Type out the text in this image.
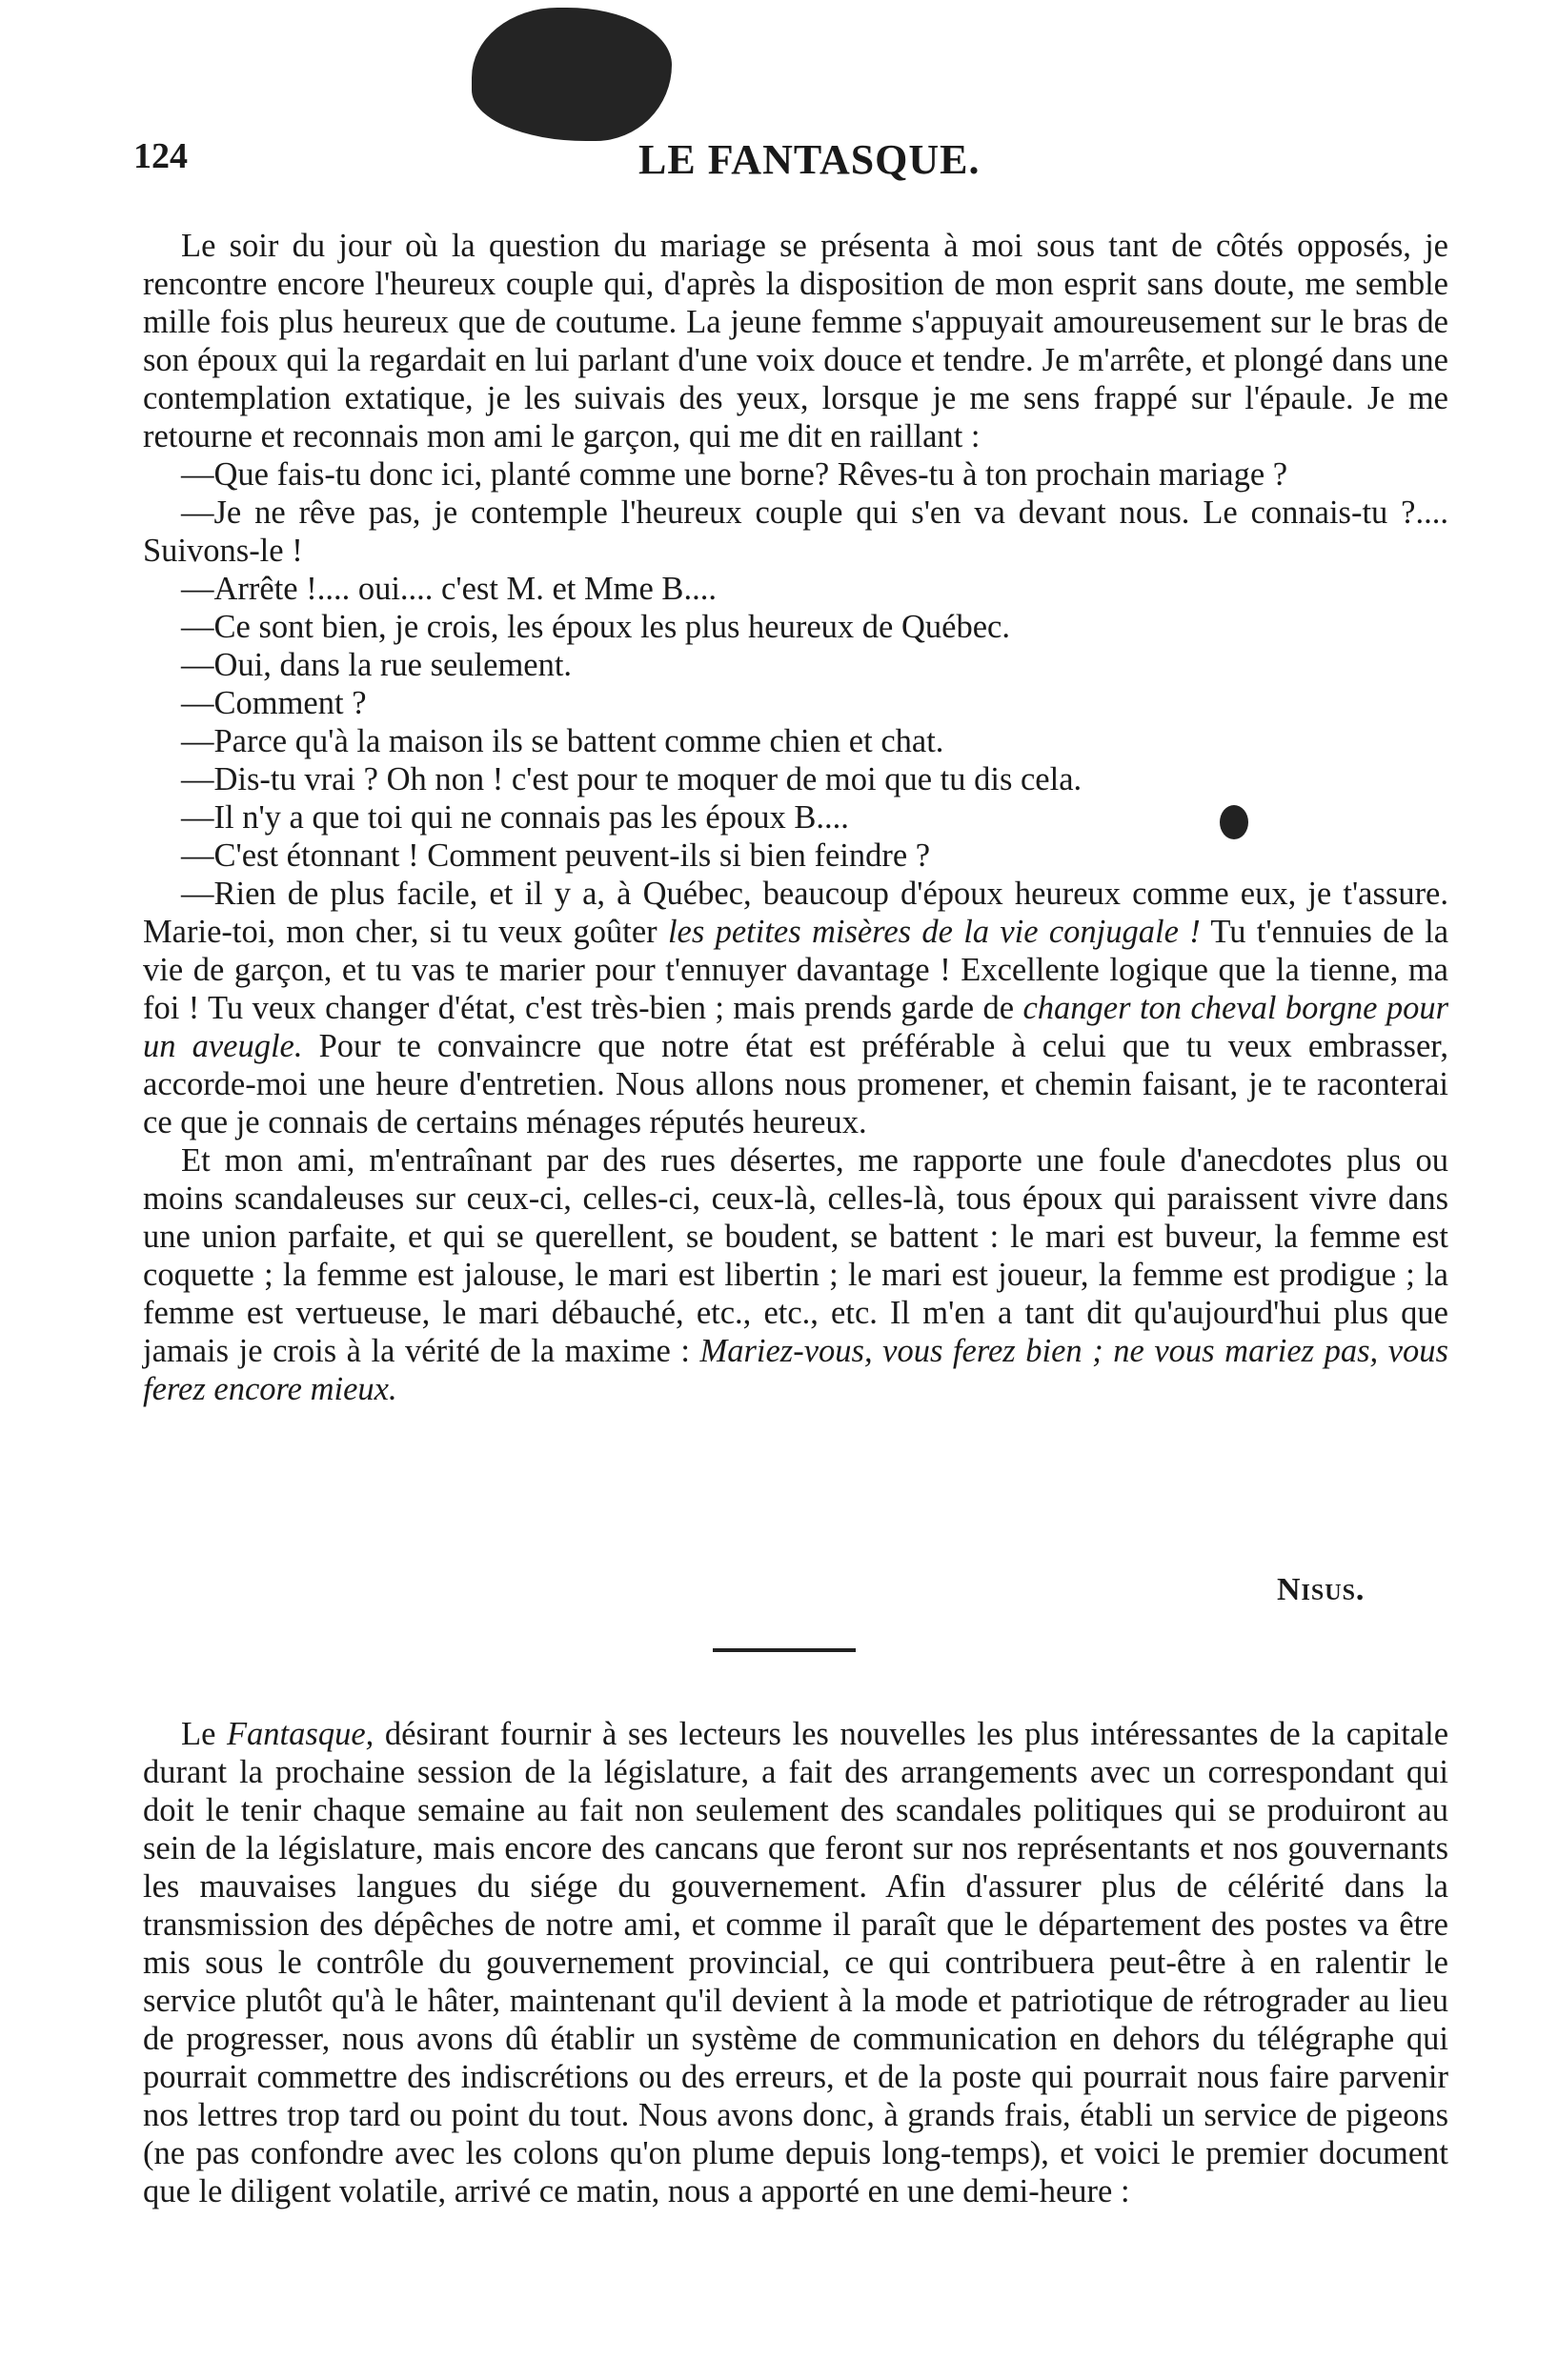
124	LE FANTASQUE.

Le soir du jour où la question du mariage se présenta à moi sous tant de côtés opposés, je rencontre encore l'heureux couple qui, d'après la disposition de mon esprit sans doute, me semble mille fois plus heureux que de coutume. La jeune femme s'appuyait amoureusement sur le bras de son époux qui la regardait en lui parlant d'une voix douce et tendre. Je m'arrête, et plongé dans une contemplation extatique, je les suivais des yeux, lorsque je me sens frappé sur l'épaule. Je me retourne et reconnais mon ami le garçon, qui me dit en raillant :

—Que fais-tu donc ici, planté comme une borne? Rêves-tu à ton prochain mariage ?

—Je ne rêve pas, je contemple l'heureux couple qui s'en va devant nous. Le connais-tu ?.... Suivons-le !

—Arrête !.... oui.... c'est M. et Mme B....

—Ce sont bien, je crois, les époux les plus heureux de Québec.

—Oui, dans la rue seulement.

—Comment ?

—Parce qu'à la maison ils se battent comme chien et chat.

—Dis-tu vrai ? Oh non ! c'est pour te moquer de moi que tu dis cela.

—Il n'y a que toi qui ne connais pas les époux B....

—C'est étonnant ! Comment peuvent-ils si bien feindre ?

—Rien de plus facile, et il y a, à Québec, beaucoup d'époux heureux comme eux, je t'assure. Marie-toi, mon cher, si tu veux goûter les petites misères de la vie conjugale ! Tu t'ennuies de la vie de garçon, et tu vas te marier pour t'ennuyer davantage ! Excellente logique que la tienne, ma foi ! Tu veux changer d'état, c'est très-bien ; mais prends garde de changer ton cheval borgne pour un aveugle. Pour te convaincre que notre état est préférable à celui que tu veux embrasser, accorde-moi une heure d'entretien. Nous allons nous promener, et chemin faisant, je te raconterai ce que je connais de certains ménages réputés heureux.

Et mon ami, m'entraînant par des rues désertes, me rapporte une foule d'anecdotes plus ou moins scandaleuses sur ceux-ci, celles-ci, ceux-là, celles-là, tous époux qui paraissent vivre dans une union parfaite, et qui se querellent, se boudent, se battent : le mari est buveur, la femme est coquette ; la femme est jalouse, le mari est libertin ; le mari est joueur, la femme est prodigue ; la femme est vertueuse, le mari débauché, etc., etc., etc. Il m'en a tant dit qu'aujourd'hui plus que jamais je crois à la vérité de la maxime : Mariez-vous, vous ferez bien ; ne vous mariez pas, vous ferez encore mieux.

Nisus.

Le Fantasque, désirant fournir à ses lecteurs les nouvelles les plus intéressantes de la capitale durant la prochaine session de la législature, a fait des arrangements avec un correspondant qui doit le tenir chaque semaine au fait non seulement des scandales politiques qui se produiront au sein de la législature, mais encore des cancans que feront sur nos représentants et nos gouvernants les mauvaises langues du siége du gouvernement. Afin d'assurer plus de célérité dans la transmission des dépêches de notre ami, et comme il paraît que le département des postes va être mis sous le contrôle du gouvernement provincial, ce qui contribuera peut-être à en ralentir le service plutôt qu'à le hâter, maintenant qu'il devient à la mode et patriotique de rétrograder au lieu de progresser, nous avons dû établir un système de communication en dehors du télégraphe qui pourrait commettre des indiscrétions ou des erreurs, et de la poste qui pourrait nous faire parvenir nos lettres trop tard ou point du tout. Nous avons donc, à grands frais, établi un service de pigeons (ne pas confondre avec les colons qu'on plume depuis long-temps), et voici le premier document que le diligent volatile, arrivé ce matin, nous a apporté en une demi-heure :
